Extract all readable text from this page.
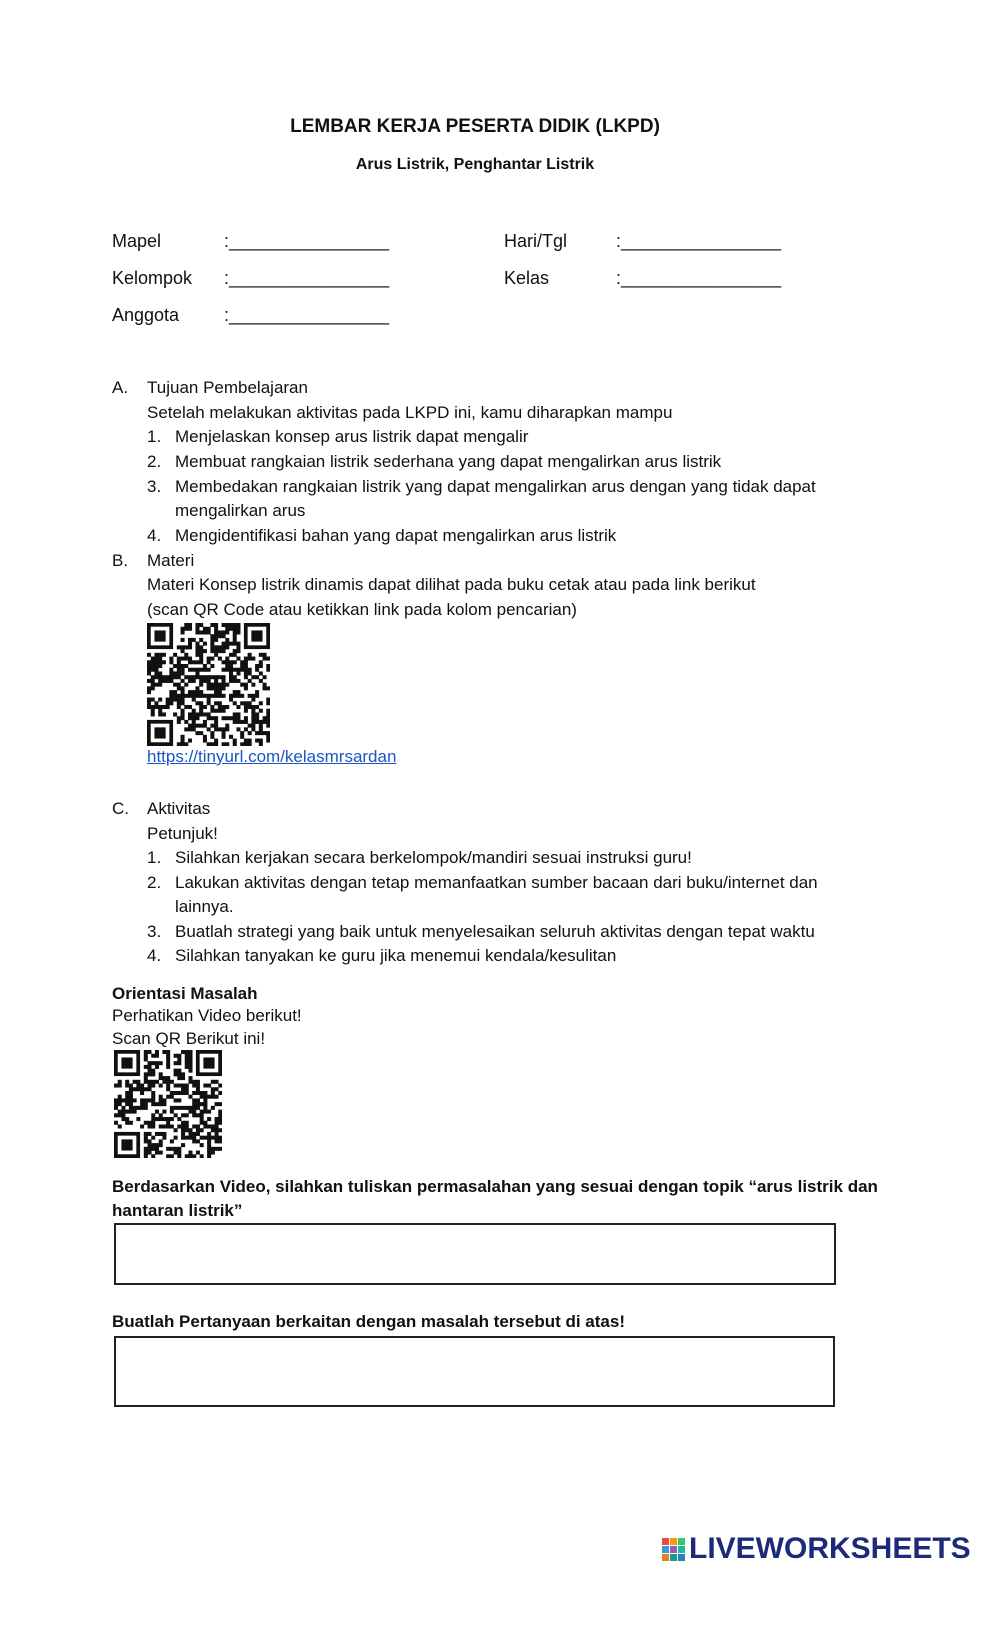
LEMBAR KERJA PESERTA DIDIK (LKPD)
Arus Listrik, Penghantar Listrik
Mapel	:________________	Hari/Tgl	:________________
Kelompok :________________	Kelas	:________________
Anggota :________________
A. Tujuan Pembelajaran
Setelah melakukan aktivitas pada LKPD ini, kamu diharapkan mampu
1. Menjelaskan konsep arus listrik dapat mengalir
2. Membuat rangkaian listrik sederhana yang dapat mengalirkan arus listrik
3. Membedakan rangkaian listrik yang dapat mengalirkan arus dengan yang tidak dapat
mengalirkan arus
4. Mengidentifikasi bahan yang dapat mengalirkan arus listrik
B. Materi
Materi Konsep listrik dinamis dapat dilihat pada buku cetak atau pada link berikut
(scan QR Code atau ketikkan link pada kolom pencarian)
https://tinyurl.com/kelasmrsardan
C. Aktivitas
Petunjuk!
1. Silahkan kerjakan secara berkelompok/mandiri sesuai instruksi guru!
2. Lakukan aktivitas dengan tetap memanfaatkan sumber bacaan dari buku/internet dan
lainnya.
3. Buatlah strategi yang baik untuk menyelesaikan seluruh aktivitas dengan tepat waktu
4. Silahkan tanyakan ke guru jika menemui kendala/kesulitan
Orientasi Masalah
Perhatikan Video berikut!
Scan QR Berikut ini!
Berdasarkan Video, silahkan tuliskan permasalahan yang sesuai dengan topik “arus listrik dan
hantaran listrik”
Buatlah Pertanyaan berkaitan dengan masalah tersebut di atas!
LIVEWORKSHEETS
